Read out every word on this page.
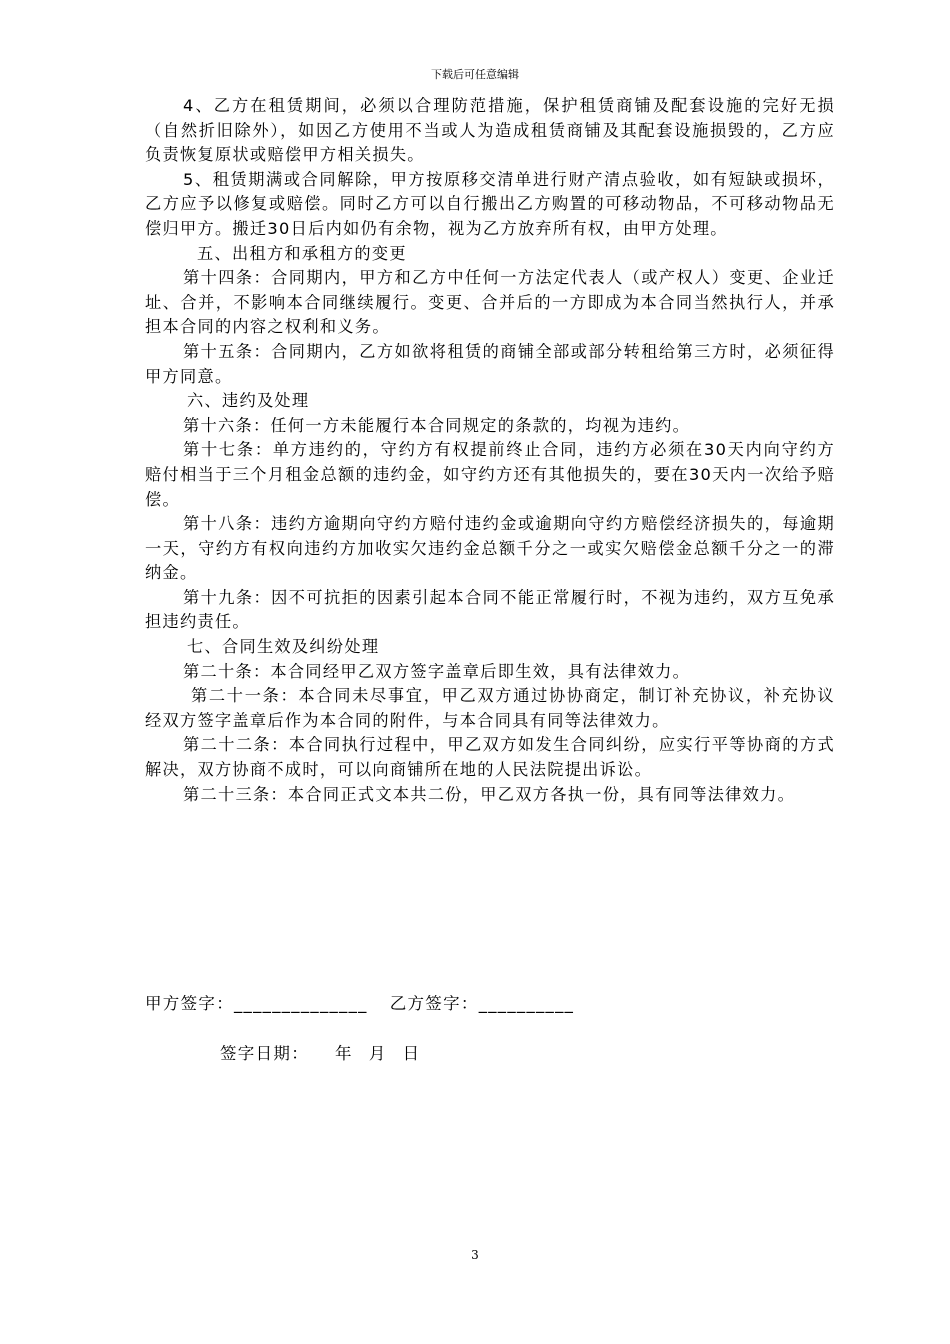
下载后可任意编辑

4、乙方在租赁期间，必须以合理防范措施，保护租赁商铺及配套设施的完好无损（自然折旧除外），如因乙方使用不当或人为造成租赁商铺及其配套设施损毁的，乙方应负责恢复原状或赔偿甲方相关损失。

5、租赁期满或合同解除，甲方按原移交清单进行财产清点验收，如有短缺或损坏，乙方应予以修复或赔偿。同时乙方可以自行搬出乙方购置的可移动物品，不可移动物品无偿归甲方。搬迁30日后内如仍有余物，视为乙方放弃所有权，由甲方处理。

五、出租方和承租方的变更

第十四条：合同期内，甲方和乙方中任何一方法定代表人（或产权人）变更、企业迁址、合并，不影响本合同继续履行。变更、合并后的一方即成为本合同当然执行人，并承担本合同的内容之权利和义务。

第十五条：合同期内，乙方如欲将租赁的商铺全部或部分转租给第三方时，必须征得甲方同意。

六、违约及处理

第十六条：任何一方未能履行本合同规定的条款的，均视为违约。

第十七条：单方违约的，守约方有权提前终止合同，违约方必须在30天内向守约方赔付相当于三个月租金总额的违约金，如守约方还有其他损失的，要在30天内一次给予赔偿。

第十八条：违约方逾期向守约方赔付违约金或逾期向守约方赔偿经济损失的，每逾期一天，守约方有权向违约方加收实欠违约金总额千分之一或实欠赔偿金总额千分之一的滞纳金。

第十九条：因不可抗拒的因素引起本合同不能正常履行时，不视为违约，双方互免承担违约责任。

七、合同生效及纠纷处理

第二十条：本合同经甲乙双方签字盖章后即生效，具有法律效力。

第二十一条：本合同未尽事宜，甲乙双方通过协协商定，制订补充协议，补充协议经双方签字盖章后作为本合同的附件，与本合同具有同等法律效力。

第二十二条：本合同执行过程中，甲乙双方如发生合同纠纷，应实行平等协商的方式解决，双方协商不成时，可以向商铺所在地的人民法院提出诉讼。

第二十三条：本合同正式文本共二份，甲乙双方各执一份，具有同等法律效力。

甲方签字：______________ 乙方签字：__________
签字日期： 年 月 日
3
